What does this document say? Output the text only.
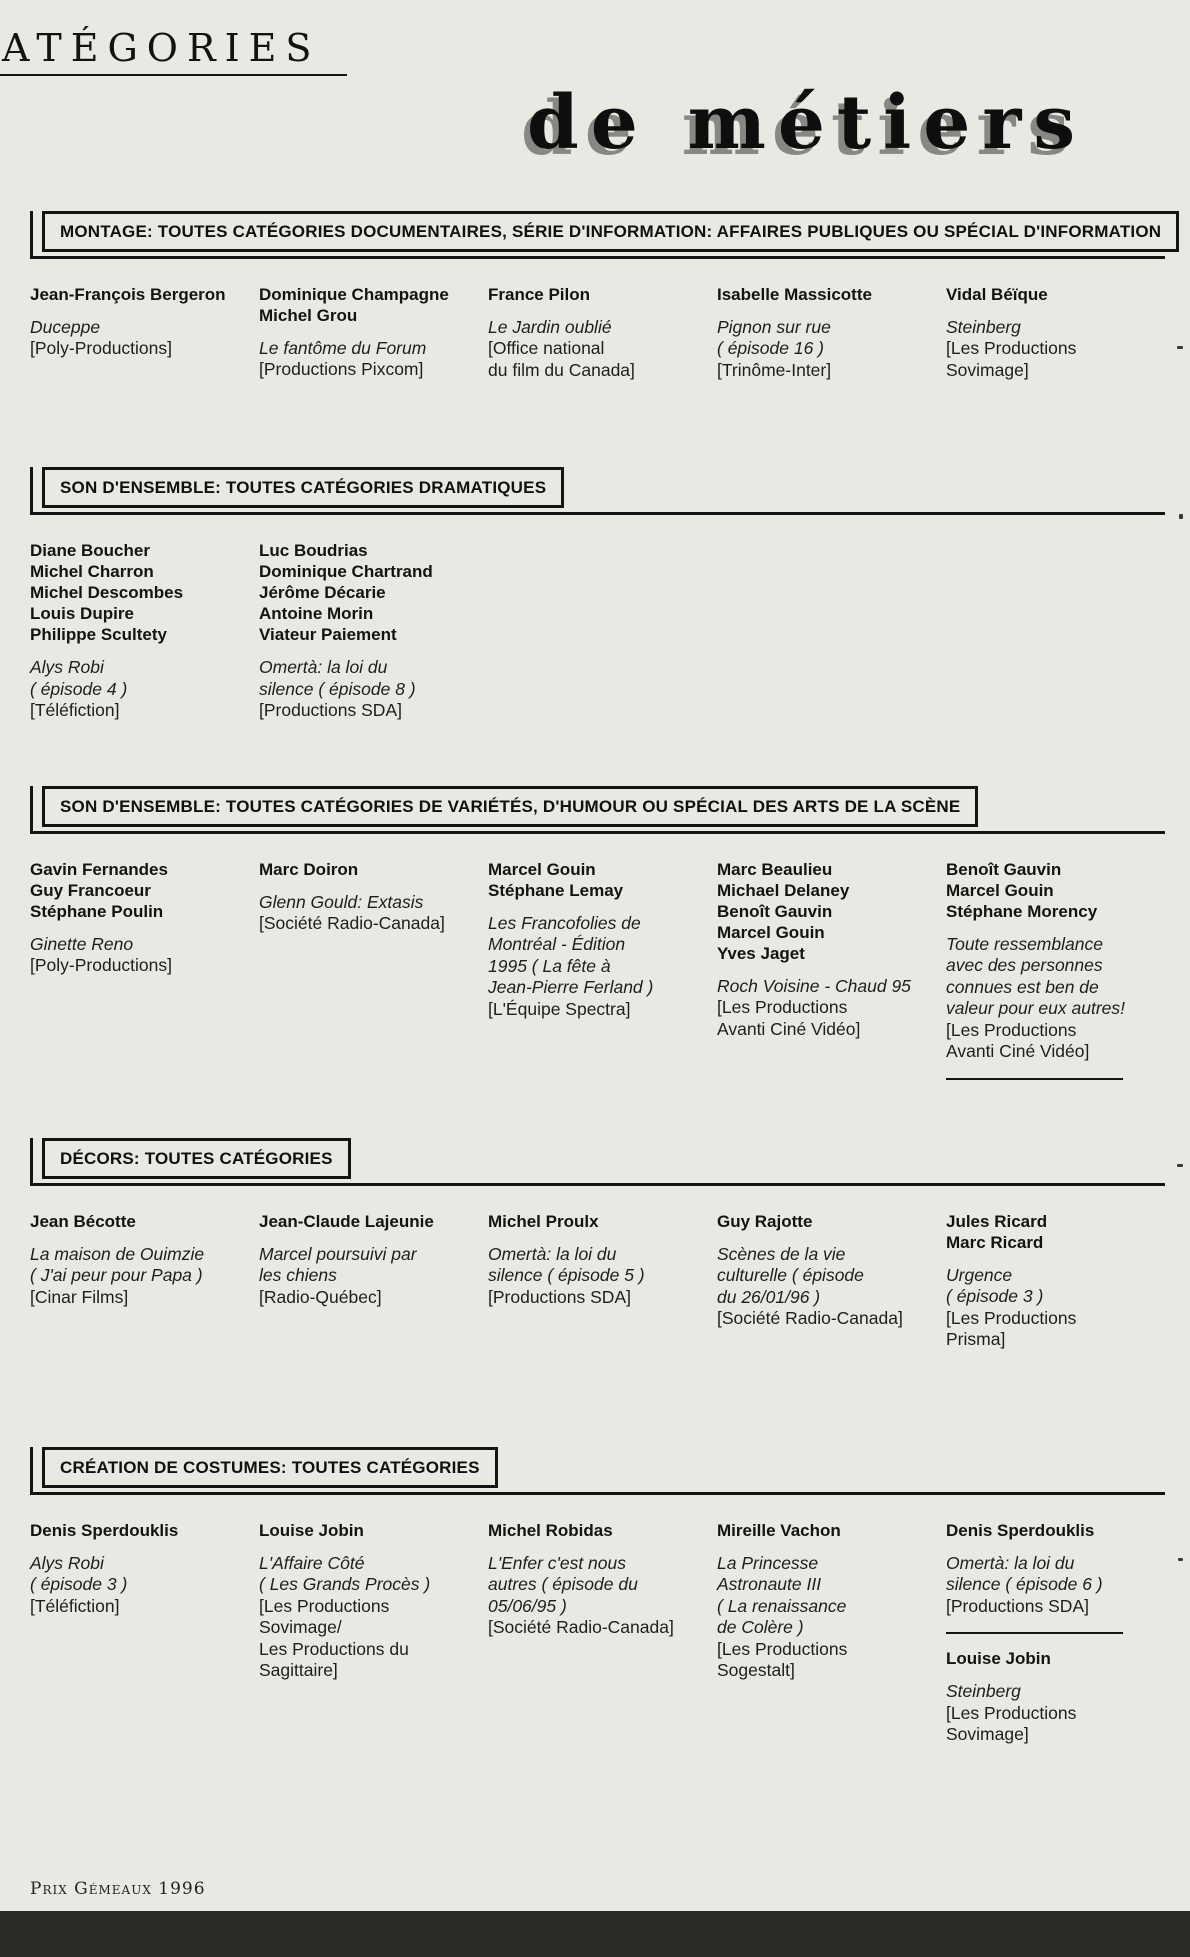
ATÉGORIES
de métiers
MONTAGE: TOUTES CATÉGORIES DOCUMENTAIRES, SÉRIE D'INFORMATION: AFFAIRES PUBLIQUES OU SPÉCIAL D'INFORMATION
Jean-François Bergeron
Duceppe
[Poly-Productions]
Dominique Champagne
Michel Grou
Le fantôme du Forum
[Productions Pixcom]
France Pilon
Le Jardin oublié
[Office national
du film du Canada]
Isabelle Massicotte
Pignon sur rue
( épisode 16 )
[Trinôme-Inter]
Vidal Béïque
Steinberg
[Les Productions
Sovimage]
SON D'ENSEMBLE: TOUTES CATÉGORIES DRAMATIQUES
Diane Boucher
Michel Charron
Michel Descombes
Louis Dupire
Philippe Scultety
Alys Robi
( épisode 4 )
[Téléfiction]
Luc Boudrias
Dominique Chartrand
Jérôme Décarie
Antoine Morin
Viateur Paiement
Omertà: la loi du
silence ( épisode 8 )
[Productions SDA]
SON D'ENSEMBLE: TOUTES CATÉGORIES DE VARIÉTÉS, D'HUMOUR OU SPÉCIAL DES ARTS DE LA SCÈNE
Gavin Fernandes
Guy Francoeur
Stéphane Poulin
Ginette Reno
[Poly-Productions]
Marc Doiron
Glenn Gould: Extasis
[Société Radio-Canada]
Marcel Gouin
Stéphane Lemay
Les Francofolies de
Montréal - Édition
1995 ( La fête à
Jean-Pierre Ferland )
[L'Équipe Spectra]
Marc Beaulieu
Michael Delaney
Benoît Gauvin
Marcel Gouin
Yves Jaget
Roch Voisine - Chaud 95
[Les Productions
Avanti Ciné Vidéo]
Benoît Gauvin
Marcel Gouin
Stéphane Morency
Toute ressemblance
avec des personnes
connues est ben de
valeur pour eux autres!
[Les Productions
Avanti Ciné Vidéo]
DÉCORS: TOUTES CATÉGORIES
Jean Bécotte
La maison de Ouimzie
( J'ai peur pour Papa )
[Cinar Films]
Jean-Claude Lajeunie
Marcel poursuivi par
les chiens
[Radio-Québec]
Michel Proulx
Omertà: la loi du
silence ( épisode 5 )
[Productions SDA]
Guy Rajotte
Scènes de la vie
culturelle ( épisode
du 26/01/96 )
[Société Radio-Canada]
Jules Ricard
Marc Ricard
Urgence
( épisode 3 )
[Les Productions
Prisma]
CRÉATION DE COSTUMES: TOUTES CATÉGORIES
Denis Sperdouklis
Alys Robi
( épisode 3 )
[Téléfiction]
Louise Jobin
L'Affaire Côté
( Les Grands Procès )
[Les Productions
Sovimage/
Les Productions du
Sagittaire]
Michel Robidas
L'Enfer c'est nous
autres ( épisode du
05/06/95 )
[Société Radio-Canada]
Mireille Vachon
La Princesse
Astronaute III
( La renaissance
de Colère )
[Les Productions
Sogestalt]
Denis Sperdouklis
Omertà: la loi du
silence ( épisode 6 )
[Productions SDA]
Louise Jobin
Steinberg
[Les Productions
Sovimage]
Prix Gémeaux 1996
